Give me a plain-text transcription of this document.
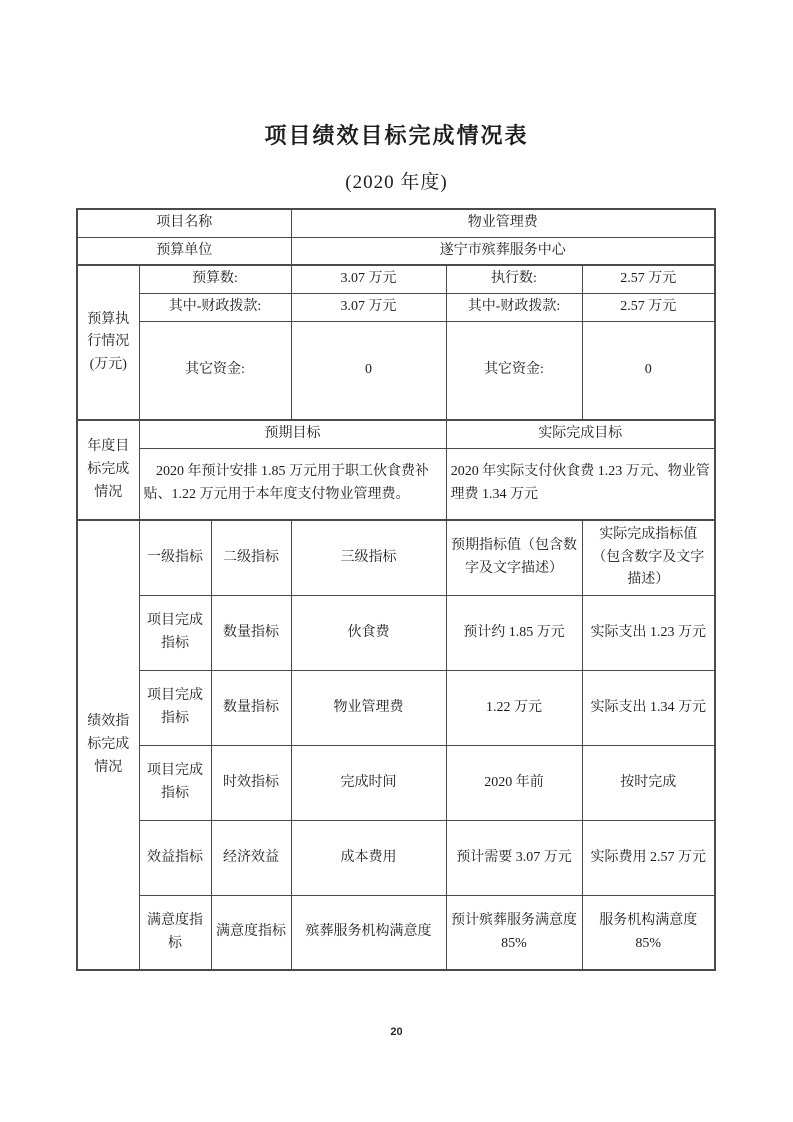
项目绩效目标完成情况表
(2020 年度)
项目名称			物业管理费		
预算单位			遂宁市殡葬服务中心		
预算执行情况(万元)	预算数:		3.07 万元	执行数:	2.57 万元
	其中-财政拨款:		3.07 万元	其中-财政拨款:	2.57 万元
	其它资金:		0	其它资金:	0
年度目标完成情况	预期目标			实际完成目标	
	2020 年预计安排 1.85 万元用于职工伙食费补贴、1.22 万元用于本年度支付物业管理费。			2020 年实际支付伙食费 1.23 万元、物业管理费 1.34 万元	
绩效指标完成情况	一级指标	二级指标	三级指标	预期指标值（包含数字及文字描述）	实际完成指标值（包含数字及文字描述）
	项目完成指标	数量指标	伙食费	预计约 1.85 万元	实际支出 1.23 万元
	项目完成指标	数量指标	物业管理费	1.22 万元	实际支出 1.34 万元
	项目完成指标	时效指标	完成时间	2020 年前	按时完成
	效益指标	经济效益	成本费用	预计需要 3.07 万元	实际费用 2.57 万元
	满意度指标	满意度指标	殡葬服务机构满意度	预计殡葬服务满意度 85%	服务机构满意度 85%
20
